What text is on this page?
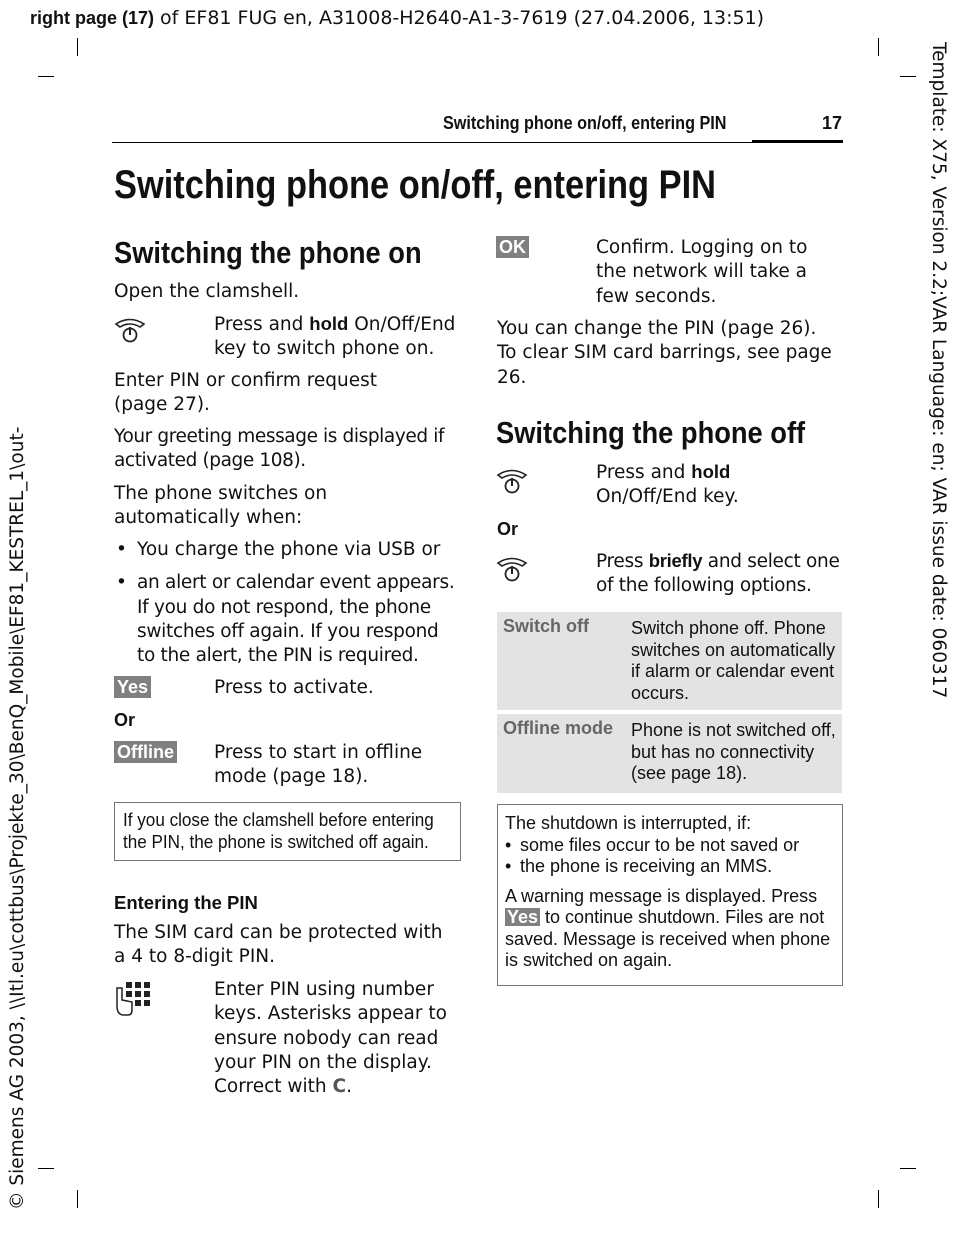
right page (17) of EF81 FUG en, A31008-H2640-A1-3-7619 (27.04.2006, 13:51)
Template: X75, Version 2.2;VAR Language: en; VAR issue date: 060317
© Siemens AG 2003, \\Itl.eu\cottbus\Projekte_30\BenQ_Mobile\EF81_KESTREL_1\out-
Switching phone on/off, entering PIN	17
Switching phone on/off, entering PIN
Switching the phone on
Open the clamshell.
Press and hold On/Off/End key to switch phone on.
Enter PIN or confirm request (page 27).
Your greeting message is displayed if activated (page 108).
The phone switches on automatically when:
• You charge the phone via USB or
• an alert or calendar event appears. If you do not respond, the phone switches off again. If you respond to the alert, the PIN is required.
Yes	Press to activate.
Or
Offline Press to start in offline mode (page 18).
If you close the clamshell before entering the PIN, the phone is switched off again.
Entering the PIN
The SIM card can be protected with a 4 to 8-digit PIN.
Enter PIN using number keys. Asterisks appear to ensure nobody can read your PIN on the display. Correct with C.
OK	Confirm. Logging on to the network will take a few seconds.
You can change the PIN (page 26). To clear SIM card barrings, see page 26.
Switching the phone off
Press and hold
On/Off/End key.
Or
Press briefly and select one of the following options.
Switch off Switch phone off. Phone switches on automatically if alarm or calendar event occurs.
Offline mode Phone is not switched off, but has no connectivity (see page 18).
The shutdown is interrupted, if:
• some files occur to be not saved or
• the phone is receiving an MMS.
A warning message is displayed. Press Yes to continue shutdown. Files are not saved. Message is received when phone is switched on again.
